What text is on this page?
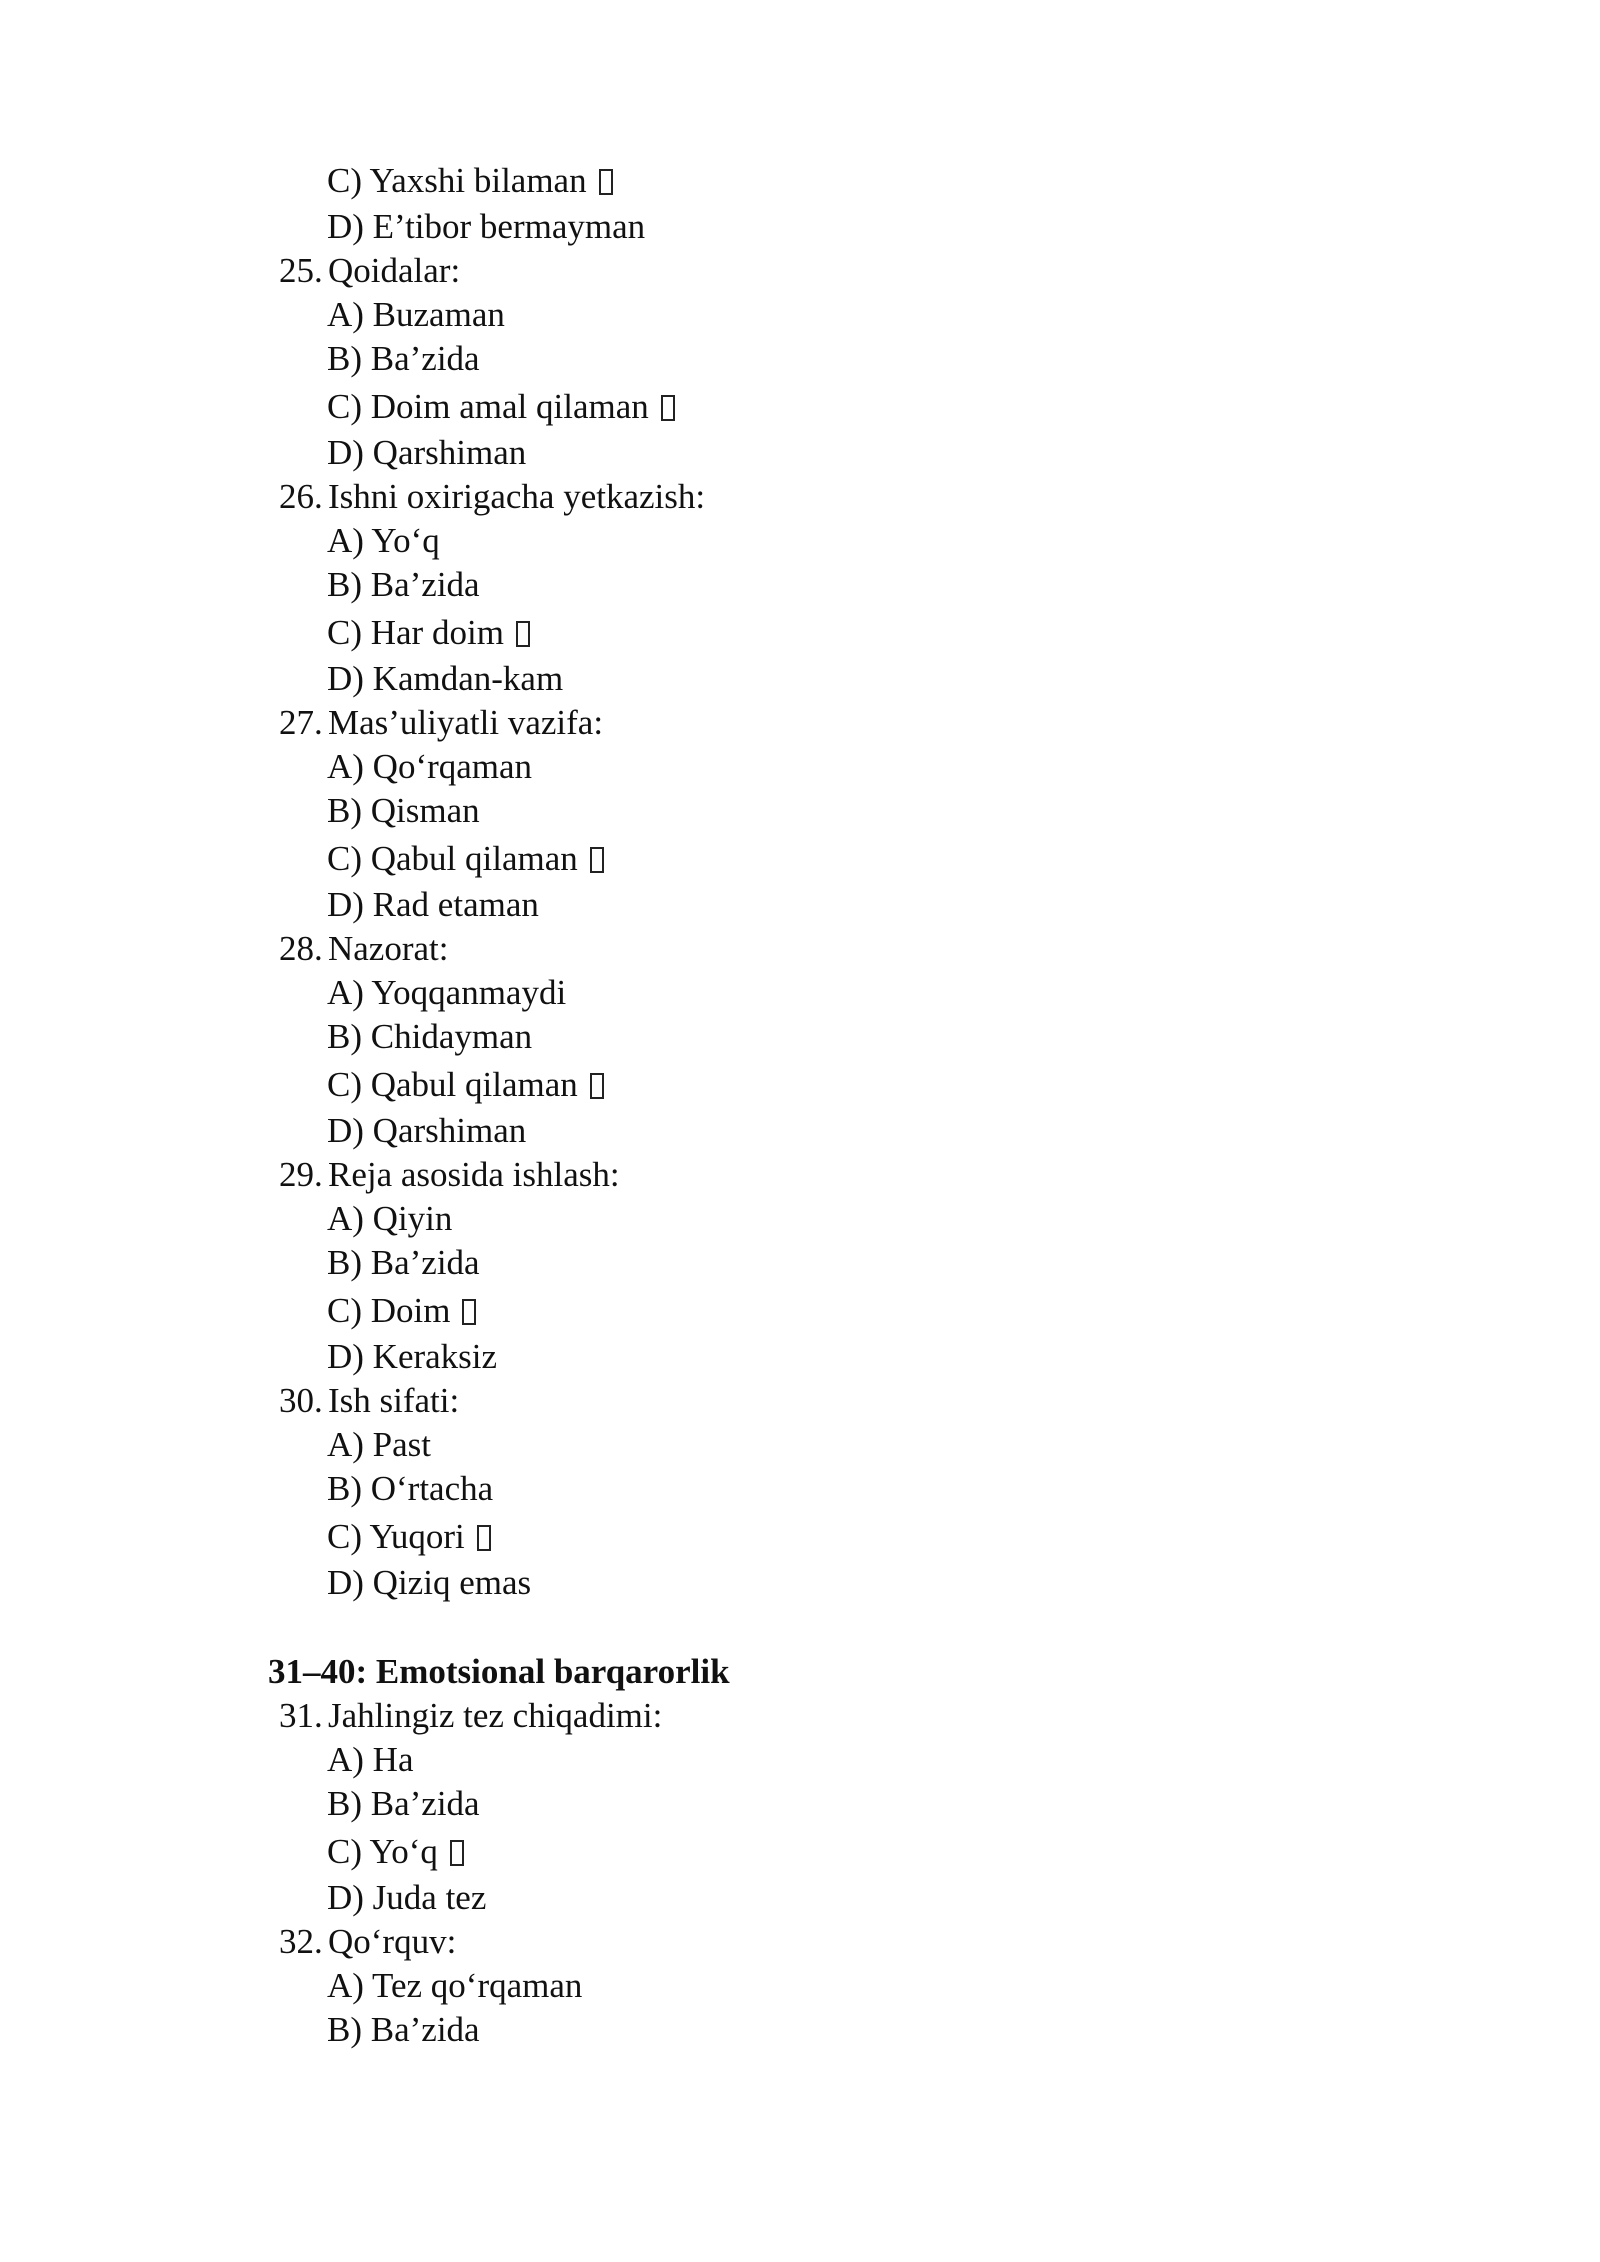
C) Yaxshi bilaman
D) E’tibor bermayman
25. Qoidalar:
A) Buzaman
B) Ba’zida
C) Doim amal qilaman
D) Qarshiman
26. Ishni oxirigacha yetkazish:
A) Yo‘q
B) Ba’zida
C) Har doim
D) Kamdan-kam
27. Mas’uliyatli vazifa:
A) Qo‘rqaman
B) Qisman
C) Qabul qilaman
D) Rad etaman
28. Nazorat:
A) Yoqqanmaydi
B) Chidayman
C) Qabul qilaman
D) Qarshiman
29. Reja asosida ishlash:
A) Qiyin
B) Ba’zida
C) Doim
D) Keraksiz
30. Ish sifati:
A) Past
B) O‘rtacha
C) Yuqori
D) Qiziq emas
31–40: Emotsional barqarorlik
31. Jahlingiz tez chiqadimi:
A) Ha
B) Ba’zida
C) Yo‘q
D) Juda tez
32. Qo‘rquv:
A) Tez qo‘rqaman
B) Ba’zida
